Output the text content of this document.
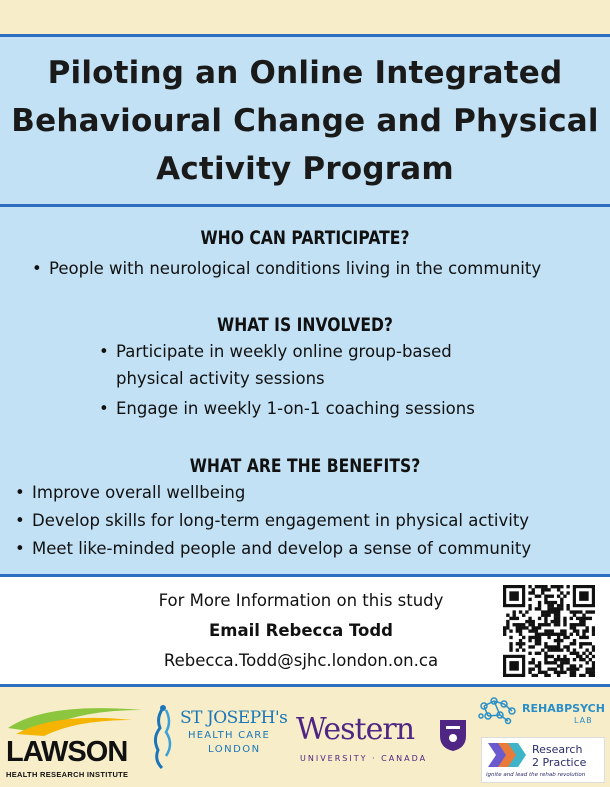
Piloting an Online Integrated
Behavioural Change and Physical
Activity Program
WHO CAN PARTICIPATE?
• People with neurological conditions living in the community
WHAT IS INVOLVED?
• Participate in weekly online group-based
physical activity sessions
• Engage in weekly 1-on-1 coaching sessions
WHAT ARE THE BENEFITS?
• Improve overall wellbeing
• Develop skills for long-term engagement in physical activity
• Meet like-minded people and develop a sense of community
For More Information on this study
Email Rebecca Todd
Rebecca.Todd@sjhc.london.on.ca
LAWSON
HEALTH RESEARCH INSTITUTE
ST JOSEPH's
HEALTH CARE
LONDON
Western
UNIVERSITY · CANADA
REHABPSYCH
LAB
Research
2 Practice
ignite and lead the rehab revolution
